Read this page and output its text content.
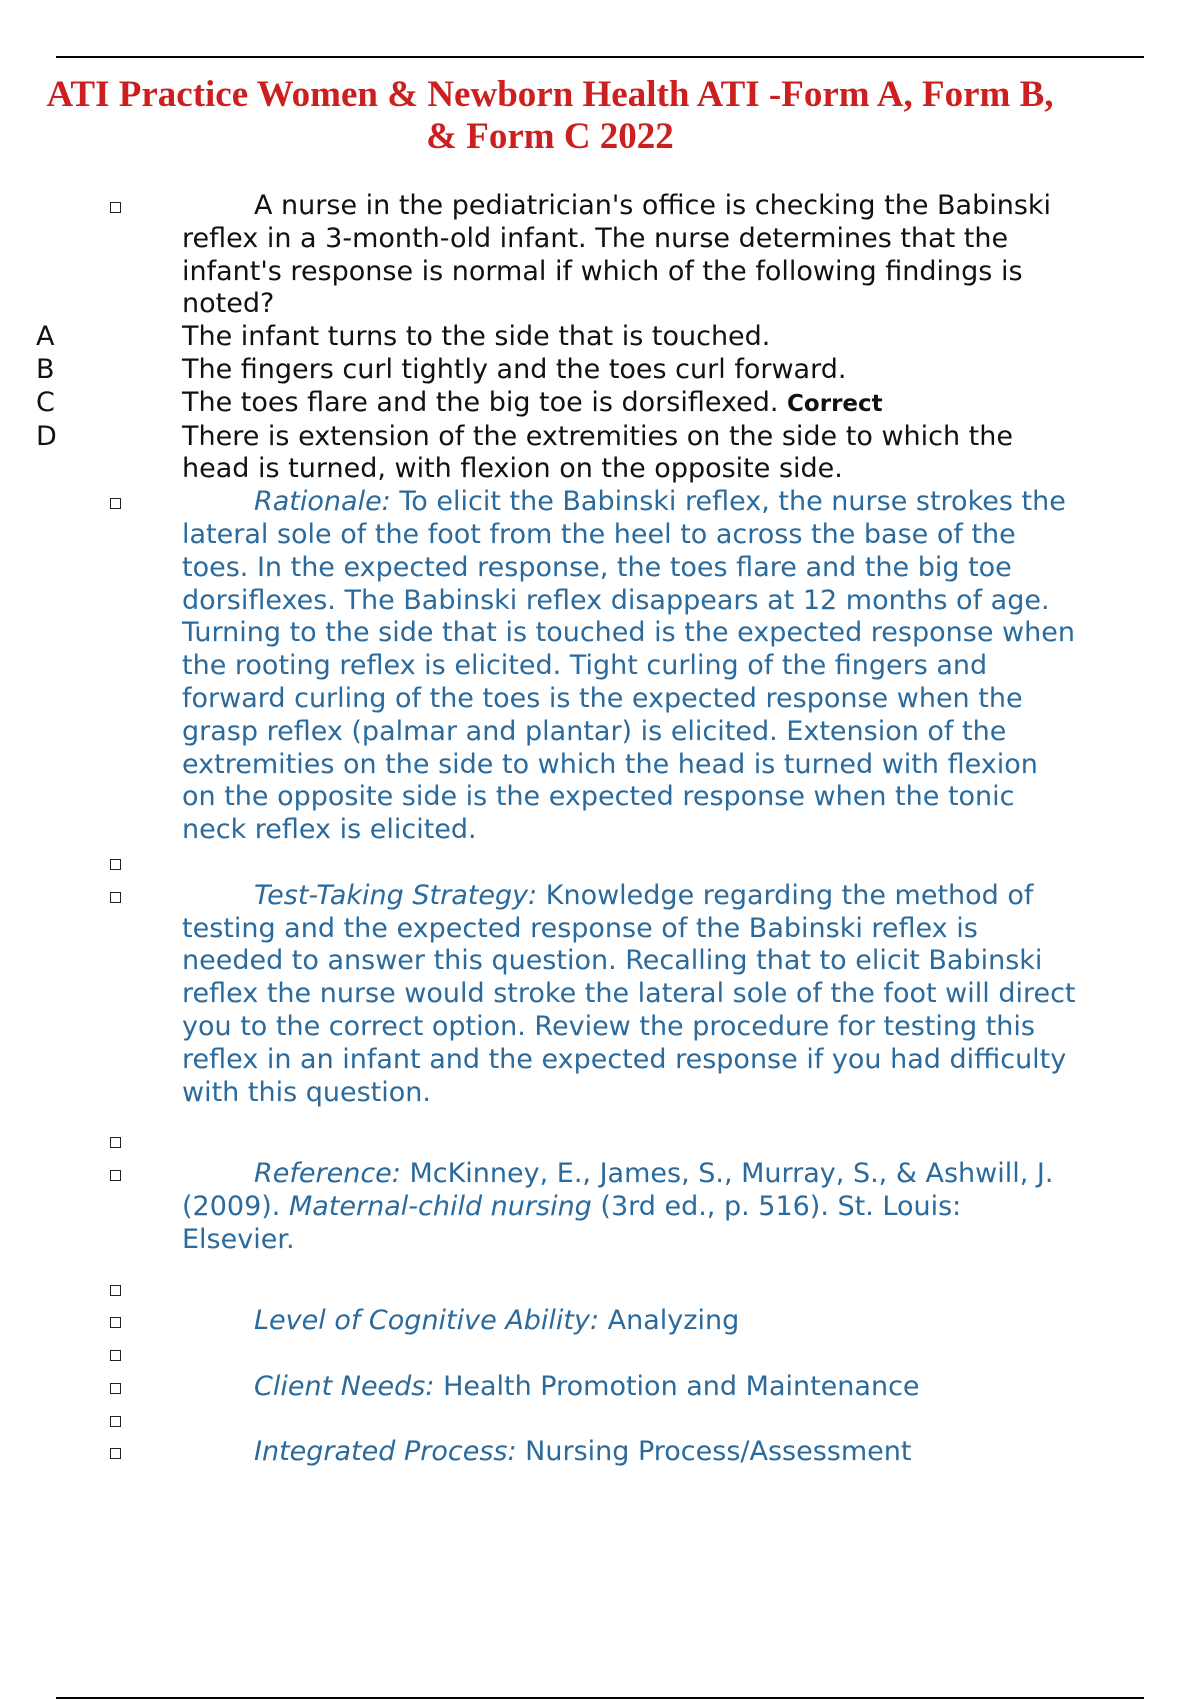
ATI Practice Women & Newborn Health ATI -Form A, Form B,
& Form C 2022
A nurse in the pediatrician's office is checking the Babinski reflex in a 3-month-old infant. The nurse determines that the infant's response is normal if which of the following findings is noted?
A	The infant turns to the side that is touched.
B	The fingers curl tightly and the toes curl forward.
C	The toes flare and the big toe is dorsiflexed. Correct
D	There is extension of the extremities on the side to which the head is turned, with flexion on the opposite side.
Rationale: To elicit the Babinski reflex, the nurse strokes the lateral sole of the foot from the heel to across the base of the toes. In the expected response, the toes flare and the big toe dorsiflexes. The Babinski reflex disappears at 12 months of age. Turning to the side that is touched is the expected response when the rooting reflex is elicited. Tight curling of the fingers and forward curling of the toes is the expected response when the grasp reflex (palmar and plantar) is elicited. Extension of the extremities on the side to which the head is turned with flexion on the opposite side is the expected response when the tonic neck reflex is elicited.
Test-Taking Strategy: Knowledge regarding the method of testing and the expected response of the Babinski reflex is needed to answer this question. Recalling that to elicit Babinski reflex the nurse would stroke the lateral sole of the foot will direct you to the correct option. Review the procedure for testing this reflex in an infant and the expected response if you had difficulty with this question.
Reference: McKinney, E., James, S., Murray, S., & Ashwill, J. (2009). Maternal-child nursing (3rd ed., p. 516). St. Louis: Elsevier.
Level of Cognitive Ability: Analyzing
Client Needs: Health Promotion and Maintenance
Integrated Process: Nursing Process/Assessment
